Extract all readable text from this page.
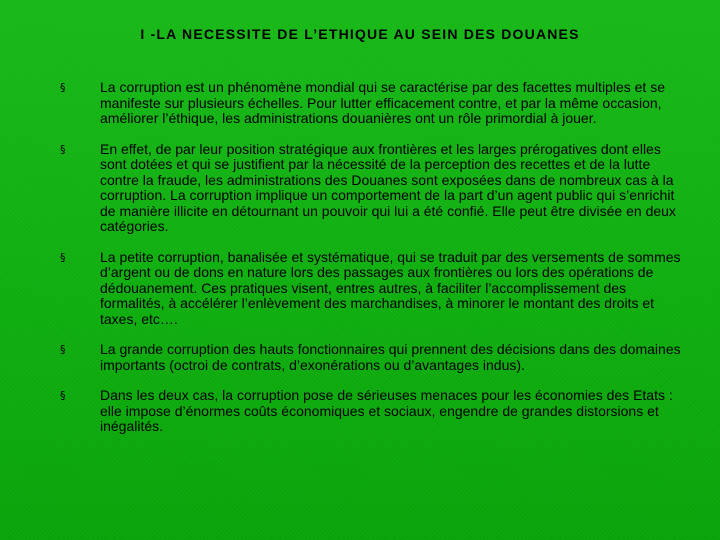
I -LA NECESSITE DE L’ETHIQUE AU SEIN DES DOUANES
§ La corruption est un phénomène mondial qui se caractérise par des facettes multiples et se manifeste sur plusieurs échelles. Pour lutter efficacement contre, et par la même occasion, améliorer l’éthique, les administrations douanières ont un rôle primordial à jouer.
§ En effet, de par leur position stratégique aux frontières et les larges prérogatives dont elles sont dotées et qui se justifient par la nécessité de la perception des recettes et de la lutte contre la fraude, les administrations des Douanes sont exposées dans de nombreux cas à la corruption. La corruption implique un comportement de la part d’un agent public qui s’enrichit de manière illicite en détournant un pouvoir qui lui a été confié. Elle peut être divisée en deux catégories.
§ La petite corruption, banalisée et systématique, qui se traduit par des versements de sommes d’argent ou de dons en nature lors des passages aux frontières ou lors des opérations de dédouanement. Ces pratiques visent, entres autres, à faciliter l’accomplissement des formalités, à accélérer l’enlèvement des marchandises, à minorer le montant des droits et taxes, etc….
§ La grande corruption des hauts fonctionnaires qui prennent des décisions dans des domaines importants (octroi de contrats, d’exonérations ou d’avantages indus).
§ Dans les deux cas, la corruption pose de sérieuses menaces pour les économies des Etats : elle impose d’énormes coûts économiques et sociaux, engendre de grandes distorsions et inégalités.
